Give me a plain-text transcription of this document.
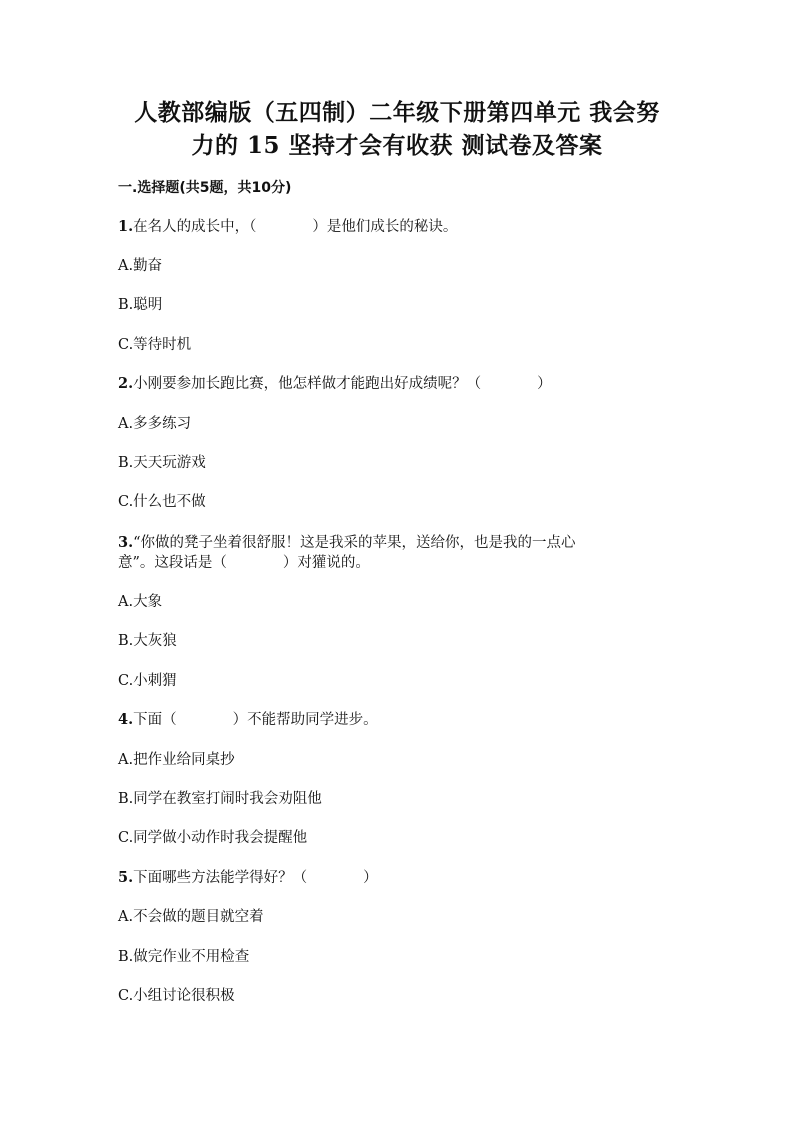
人教部编版（五四制）二年级下册第四单元 我会努
力的 15 坚持才会有收获 测试卷及答案
一.选择题(共5题，共10分)
1.在名人的成长中，（	）是他们成长的秘诀。
A.勤奋
B.聪明
C.等待时机
2.小刚要参加长跑比赛，他怎样做才能跑出好成绩呢？（	）
A.多多练习
B.天天玩游戏
C.什么也不做
3.“你做的凳子坐着很舒服！这是我采的苹果，送给你，也是我的一点心
意”。这段话是（	）对獾说的。
A.大象
B.大灰狼
C.小刺猬
4.下面（	）不能帮助同学进步。
A.把作业给同桌抄
B.同学在教室打闹时我会劝阻他
C.同学做小动作时我会提醒他
5.下面哪些方法能学得好？（	）
A.不会做的题目就空着
B.做完作业不用检查
C.小组讨论很积极
